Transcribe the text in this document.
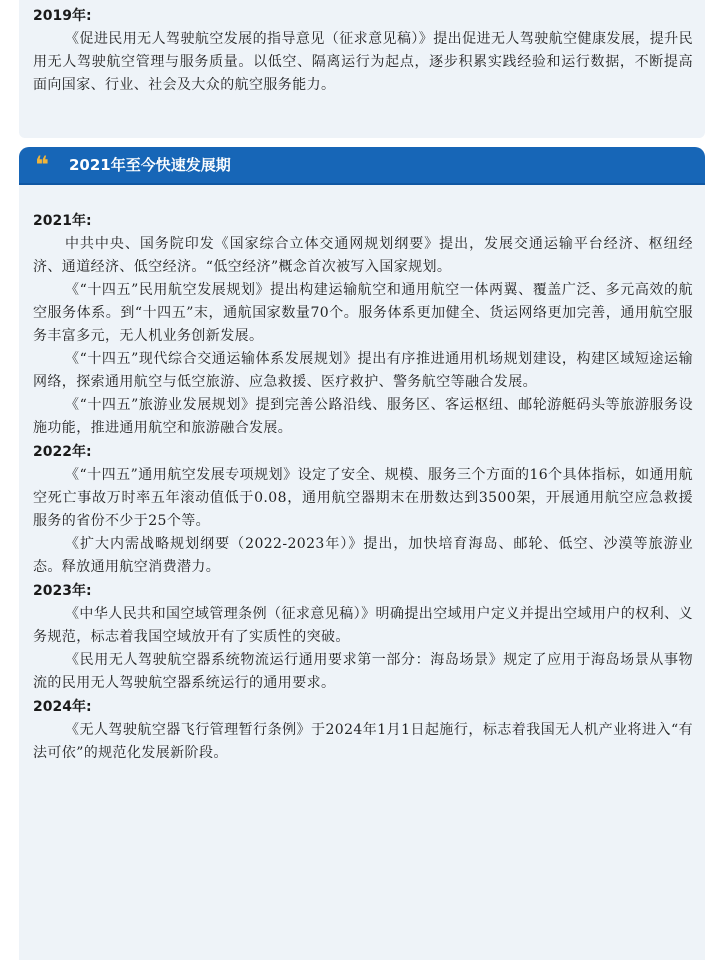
2019年:

《促进民用无人驾驶航空发展的指导意见（征求意见稿）》提出促进无人驾驶航空健康发展，提升民用无人驾驶航空管理与服务质量。以低空、隔离运行为起点，逐步积累实践经验和运行数据，不断提高面向国家、行业、社会及大众的航空服务能力。

❝ 2021年至今快速发展期
2021年:

中共中央、国务院印发《国家综合立体交通网规划纲要》提出，发展交通运输平台经济、枢纽经济、通道经济、低空经济。“低空经济”概念首次被写入国家规划。

《“十四五”民用航空发展规划》提出构建运输航空和通用航空一体两翼、覆盖广泛、多元高效的航空服务体系。到“十四五”末，通航国家数量70个。服务体系更加健全、货运网络更加完善，通用航空服务丰富多元，无人机业务创新发展。

《“十四五”现代综合交通运输体系发展规划》提出有序推进通用机场规划建设，构建区域短途运输网络，探索通用航空与低空旅游、应急救援、医疗救护、警务航空等融合发展。

《“十四五”旅游业发展规划》提到完善公路沿线、服务区、客运枢纽、邮轮游艇码头等旅游服务设施功能，推进通用航空和旅游融合发展。

2022年:

《“十四五”通用航空发展专项规划》设定了安全、规模、服务三个方面的16个具体指标，如通用航空死亡事故万时率五年滚动值低于0.08，通用航空器期末在册数达到3500架，开展通用航空应急救援服务的省份不少于25个等。

《扩大内需战略规划纲要（2022-2023年）》提出，加快培育海岛、邮轮、低空、沙漠等旅游业态。释放通用航空消费潜力。

2023年:

《中华人民共和国空域管理条例（征求意见稿）》明确提出空域用户定义并提出空域用户的权利、义务规范，标志着我国空域放开有了实质性的突破。

《民用无人驾驶航空器系统物流运行通用要求第一部分：海岛场景》规定了应用于海岛场景从事物流的民用无人驾驶航空器系统运行的通用要求。

2024年:

《无人驾驶航空器飞行管理暂行条例》于2024年1月1日起施行，标志着我国无人机产业将进入“有法可依”的规范化发展新阶段。
